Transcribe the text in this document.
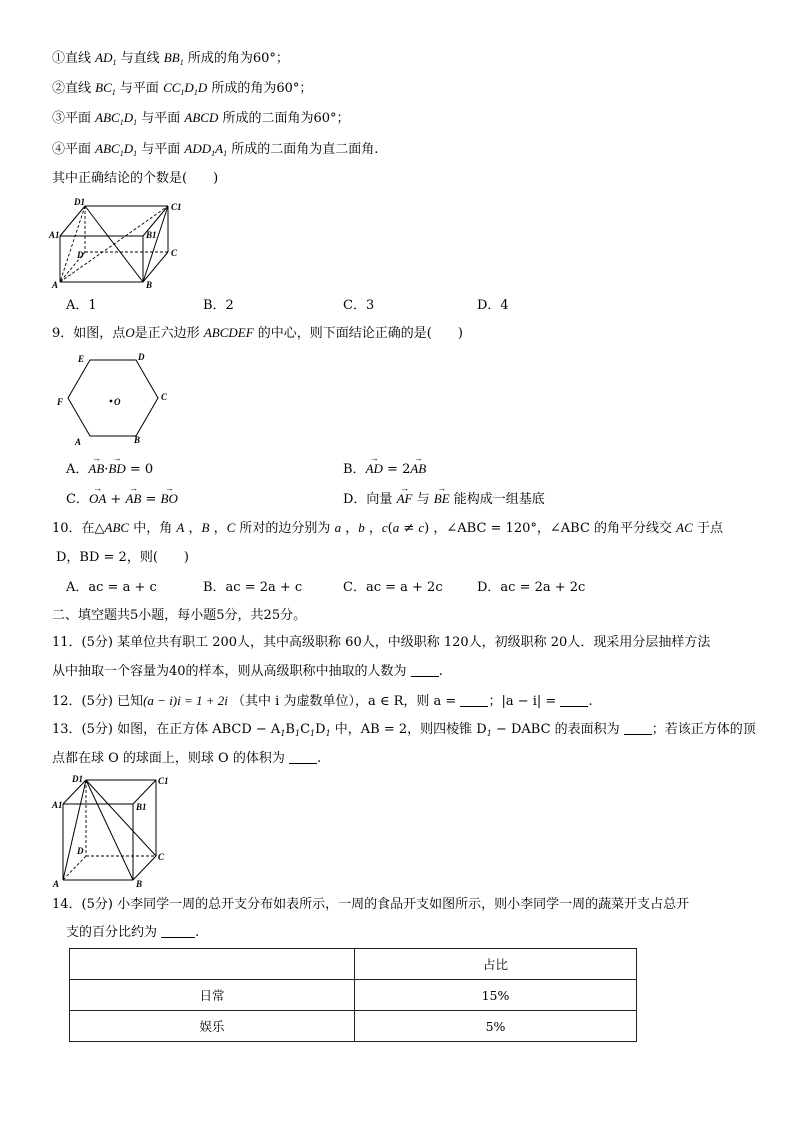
①直线 $AD_1$ 与直线 $BB_1$ 所成的角为60°；
②直线 $BC_1$ 与平面 $CC_1D_1D$ 所成的角为60°；
③平面 $ABC_1D_1$ 与平面 ABCD 所成的二面角为60°；
④平面 $ABC_1D_1$ 与平面 $ADD_1A_1$ 所成的二面角为直二面角.
其中正确结论的个数是(　　)
D1	C1
A1	B1
D	C
A	B
A．1	B．2	C．3	D．4
9．如图，点O是正六边形 ABCDEF 的中心，则下面结论正确的是(　　)
E	D
F	O	C
A	B
A．→ AB·→ BD = 0	B．→ AD = 2→ AB
C．→ OA + → AB = → BO	D．向量 → AF 与 → BE 能构成一组基底
10．在△ABC 中，角 A ，B ，C 所对的边分别为 a ，b ，c(a ≠ c) ，∠ABC = 120°，∠ABC 的角平分线交 AC 于点
D，BD = 2，则(　　)
A．ac = a + c	B．ac = 2a + c	C．ac = a + 2c	D．ac = 2a + 2c
二、填空题共5小题，每小题5分，共25分。
11．(5分) 某单位共有职工 200人，其中高级职称 60人，中级职称 120人，初级职称 20人．现采用分层抽样方法
从中抽取一个容量为40的样本，则从高级职称中抽取的人数为 .
12．(5分) 已知(a − i)i = 1 + 2i （其中 i 为虚数单位），a ∈ R，则 a = ；|a − i| = .
13．(5分) 如图，在正方体 ABCD − $A_1B_1C_1D_1$ 中，AB = 2，则四棱锥 $D_1$ − DABC 的表面积为 ；若该正方体的顶
点都在球 O 的球面上，则球 O 的体积为 .
D1	C1
A1	B1
D
C
A	B
14．(5分) 小李同学一周的总开支分布如表所示，一周的食品开支如图所示，则小李同学一周的蔬菜开支占总开
支的百分比约为	.
	占比
日常	15%
娱乐	5%
